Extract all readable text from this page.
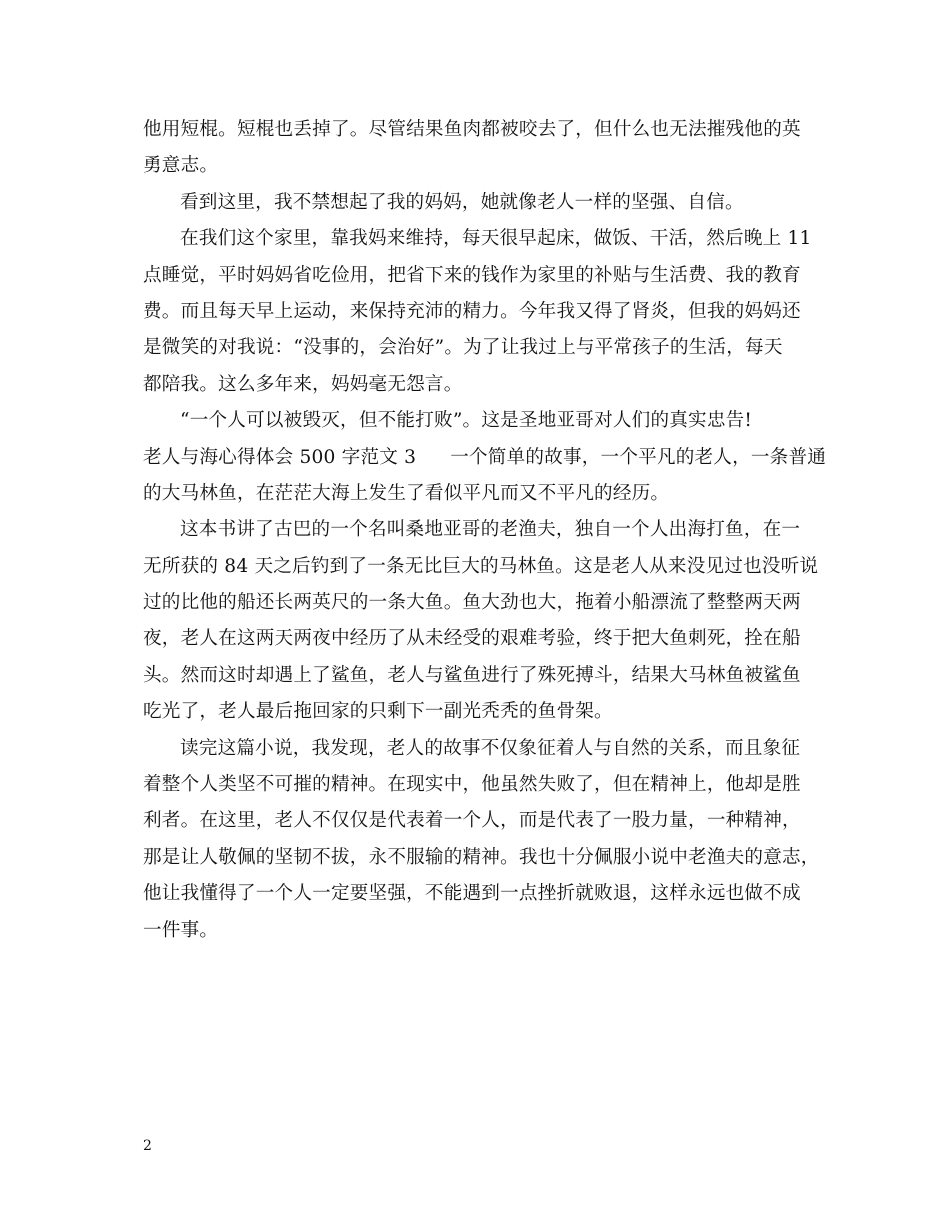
他用短棍。短棍也丢掉了。尽管结果鱼肉都被咬去了，但什么也无法摧残他的英
勇意志。
看到这里，我不禁想起了我的妈妈，她就像老人一样的坚强、自信。
在我们这个家里，靠我妈来维持，每天很早起床，做饭、干活，然后晚上 11
点睡觉，平时妈妈省吃俭用，把省下来的钱作为家里的补贴与生活费、我的教育
费。而且每天早上运动，来保持充沛的精力。今年我又得了肾炎，但我的妈妈还
是微笑的对我说：“没事的，会治好”。为了让我过上与平常孩子的生活，每天
都陪我。这么多年来，妈妈毫无怨言。
“一个人可以被毁灭，但不能打败”。这是圣地亚哥对人们的真实忠告!
老人与海心得体会 500 字范文 3 一个简单的故事，一个平凡的老人，一条普通
的大马林鱼，在茫茫大海上发生了看似平凡而又不平凡的经历。
这本书讲了古巴的一个名叫桑地亚哥的老渔夫，独自一个人出海打鱼，在一
无所获的 84 天之后钓到了一条无比巨大的马林鱼。这是老人从来没见过也没听说
过的比他的船还长两英尺的一条大鱼。鱼大劲也大，拖着小船漂流了整整两天两
夜，老人在这两天两夜中经历了从未经受的艰难考验，终于把大鱼刺死，拴在船
头。然而这时却遇上了鲨鱼，老人与鲨鱼进行了殊死搏斗，结果大马林鱼被鲨鱼
吃光了，老人最后拖回家的只剩下一副光秃秃的鱼骨架。
读完这篇小说，我发现，老人的故事不仅象征着人与自然的关系，而且象征
着整个人类坚不可摧的精神。在现实中，他虽然失败了，但在精神上，他却是胜
利者。在这里，老人不仅仅是代表着一个人，而是代表了一股力量，一种精神，
那是让人敬佩的坚韧不拔，永不服输的精神。我也十分佩服小说中老渔夫的意志，
他让我懂得了一个人一定要坚强，不能遇到一点挫折就败退，这样永远也做不成
一件事。
2
